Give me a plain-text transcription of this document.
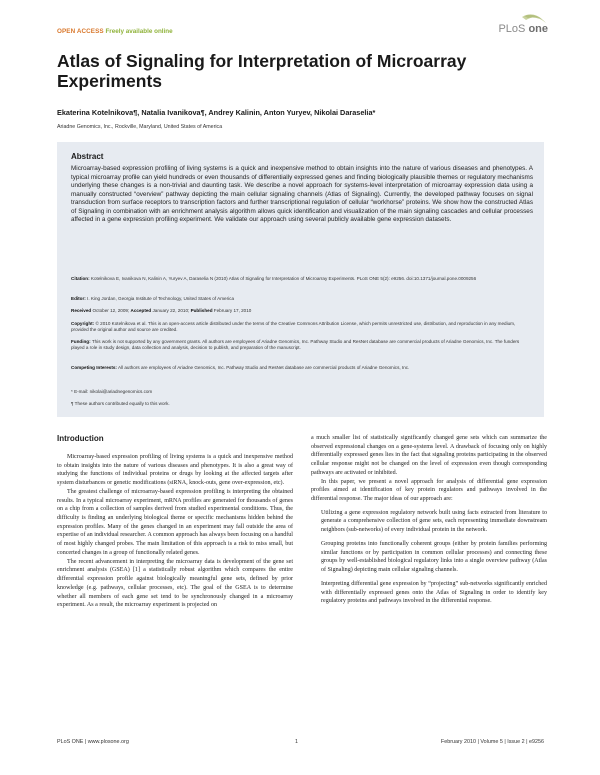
OPEN ACCESS Freely available online	PLoS one
Atlas of Signaling for Interpretation of Microarray Experiments
Ekaterina Kotelnikova¶, Natalia Ivanikova¶, Andrey Kalinin, Anton Yuryev, Nikolai Daraselia*
Ariadne Genomics, Inc., Rockville, Maryland, United States of America
Abstract
Microarray-based expression profiling of living systems is a quick and inexpensive method to obtain insights into the nature of various diseases and phenotypes. A typical microarray profile can yield hundreds or even thousands of differentially expressed genes and finding biologically plausible themes or regulatory mechanisms underlying these changes is a non-trivial and daunting task. We describe a novel approach for systems-level interpretation of microarray expression data using a manually constructed “overview” pathway depicting the main cellular signaling channels (Atlas of Signaling). Currently, the developed pathway focuses on signal transduction from surface receptors to transcription factors and further transcriptional regulation of cellular “workhorse” proteins. We show how the constructed Atlas of Signaling in combination with an enrichment analysis algorithm allows quick identification and visualization of the main signaling cascades and cellular processes affected in a gene expression profiling experiment. We validate our approach using several publicly available gene expression datasets.
Citation: Kotelnikova E, Ivanikova N, Kalinin A, Yuryev A, Daraselia N (2010) Atlas of Signaling for Interpretation of Microarray Experiments. PLoS ONE 5(2): e9256. doi:10.1371/journal.pone.0009256
Editor: I. King Jordan, Georgia Institute of Technology, United States of America
Received October 12, 2009; Accepted January 22, 2010; Published February 17, 2010
Copyright: © 2010 Kotelnikova et al. This is an open-access article distributed under the terms of the Creative Commons Attribution License, which permits unrestricted use, distribution, and reproduction in any medium, provided the original author and source are credited.
Funding: This work is not supported by any government grants. All authors are employees of Ariadne Genomics, Inc. Pathway Studio and ResNet database are commercial products of Ariadne Genomics, Inc. The funders played a role in study design, data collection and analysis, decision to publish, and preparation of the manuscript.
Competing Interests: All authors are employees of Ariadne Genomics, Inc. Pathway Studio and ResNet database are commercial products of Ariadne Genomics, Inc.
* E-mail: nikolai@ariadnegenomics.com
¶ These authors contributed equally to this work.
Introduction

Microarray-based expression profiling of living systems is a quick and inexpensive method to obtain insights into the nature of various diseases and phenotypes. It is also a great way of studying the functions of individual proteins or drugs by looking at the affected targets after system disturbances or genetic modifications (siRNA, knock-outs, gene over-expression, etc).

The greatest challenge of microarray-based expression profiling is interpreting the obtained results. In a typical microarray experiment, mRNA profiles are generated for thousands of genes on a chip from a collection of samples derived from studied experimental conditions. Thus, the difficulty is finding an underlying biological theme or specific mechanisms hidden behind the expression profiles. Many of the genes changed in an experiment may fall outside the area of expertise of an individual researcher. A common approach has always been focusing on a handful of most highly changed probes. The main limitation of this approach is a risk to miss small, but concerted changes in a group of functionally related genes.

The recent advancement in interpreting the microarray data is development of the gene set enrichment analysis (GSEA) [1] a statistically robust algorithm which compares the entire differential expression profile against biologically meaningful gene sets, defined by prior knowledge (e.g. pathways, cellular processes, etc). The goal of the GSEA is to determine whether all members of each gene set tend to be synchronously changed in a microarray experiment. As a result, the microarray experiment is projected on

a much smaller list of statistically significantly changed gene sets which can summarize the observed expressional changes on a gene-systems level. A drawback of focusing only on highly differentially expressed genes lies in the fact that signaling proteins participating in the observed cellular response might not be changed on the level of expression even though corresponding pathways are activated or inhibited.

In this paper, we present a novel approach for analysis of differential gene expression profiles aimed at identification of key protein regulators and pathways involved in the differential response. The major ideas of our approach are:

Utilizing a gene expression regulatory network built using facts extracted from literature to generate a comprehensive collection of gene sets, each representing immediate downstream neighbors (sub-networks) of every individual protein in the network.

Grouping proteins into functionally coherent groups (either by protein families performing similar functions or by participation in common cellular processes) and connecting these groups by well-established biological regulatory links into a single overview pathway (Atlas of Signaling) depicting main cellular signaling channels.

Interpreting differential gene expression by “projecting” sub-networks significantly enriched with differentially expressed genes onto the Atlas of Signaling in order to identify key regulatory proteins and pathways involved in the differential response.

PLoS ONE | www.plosone.org	1	February 2010 | Volume 5 | Issue 2 | e9256
